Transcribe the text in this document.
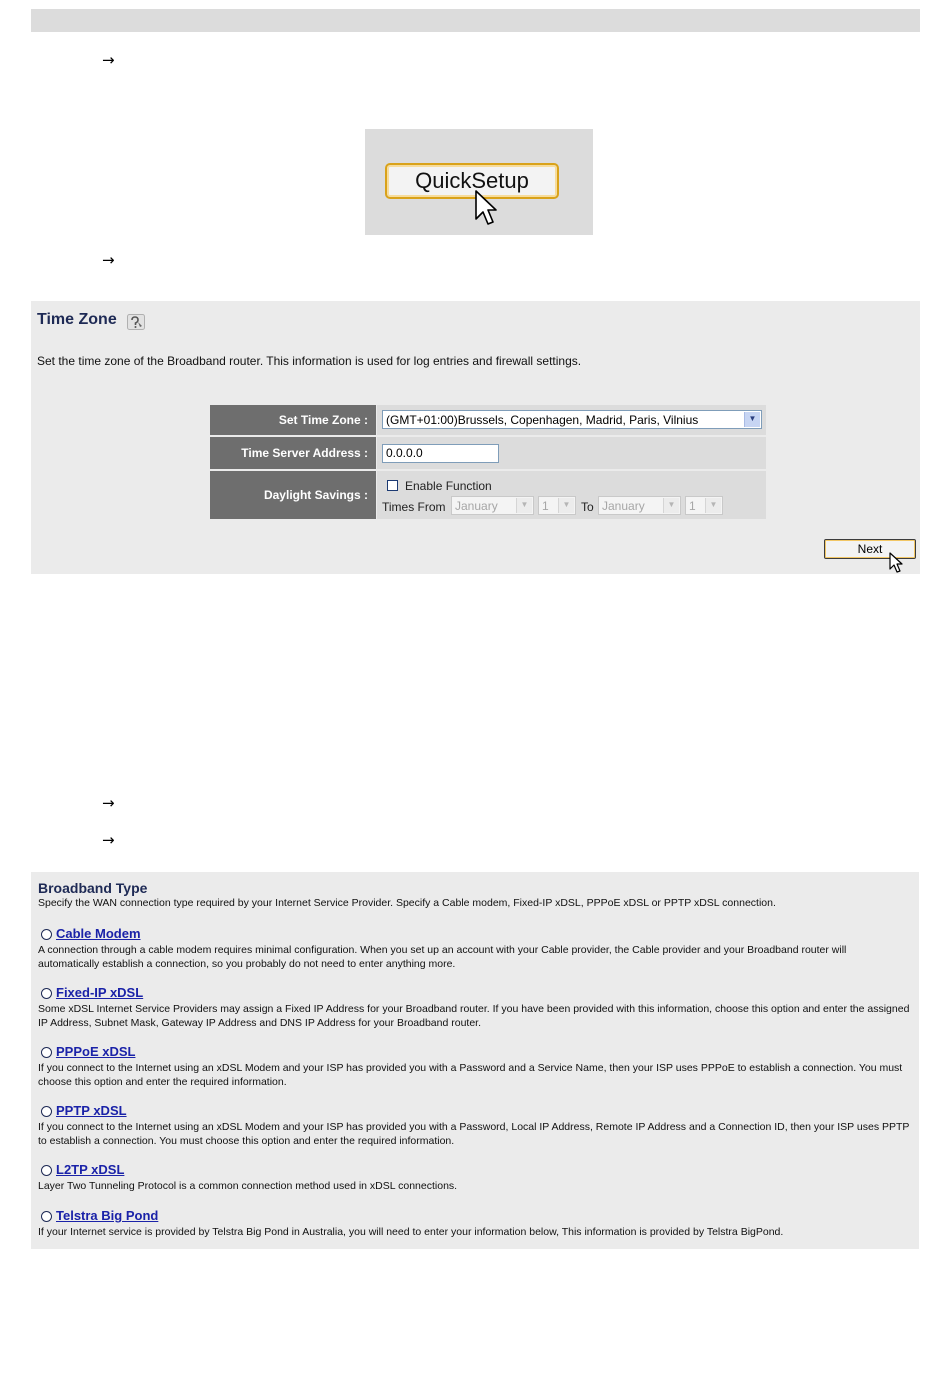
→
QuickSetup
→
Time Zone
Set the time zone of the Broadband router. This information is used for log entries and firewall settings.
Set Time Zone :	(GMT+01:00)Brussels, Copenhagen, Madrid, Paris, Vilnius	▼
Time Server Address :	0.0.0.0
Daylight Savings :
Enable Function
Times From January	▼ 1	▼ To January	▼ 1	▼
Next
→
→
Broadband Type
Specify the WAN connection type required by your Internet Service Provider. Specify a Cable modem, Fixed-IP xDSL, PPPoE xDSL or PPTP xDSL connection.
Cable Modem
A connection through a cable modem requires minimal configuration. When you set up an account with your Cable provider, the Cable provider and your Broadband router will automatically establish a connection, so you probably do not need to enter anything more.
Fixed-IP xDSL
Some xDSL Internet Service Providers may assign a Fixed IP Address for your Broadband router. If you have been provided with this information, choose this option and enter the assigned IP Address, Subnet Mask, Gateway IP Address and DNS IP Address for your Broadband router.
PPPoE xDSL
If you connect to the Internet using an xDSL Modem and your ISP has provided you with a Password and a Service Name, then your ISP uses PPPoE to establish a connection. You must choose this option and enter the required information.
PPTP xDSL
If you connect to the Internet using an xDSL Modem and your ISP has provided you with a Password, Local IP Address, Remote IP Address and a Connection ID, then your ISP uses PPTP to establish a connection. You must choose this option and enter the required information.
L2TP xDSL
Layer Two Tunneling Protocol is a common connection method used in xDSL connections.
Telstra Big Pond
If your Internet service is provided by Telstra Big Pond in Australia, you will need to enter your information below, This information is provided by Telstra BigPond.
